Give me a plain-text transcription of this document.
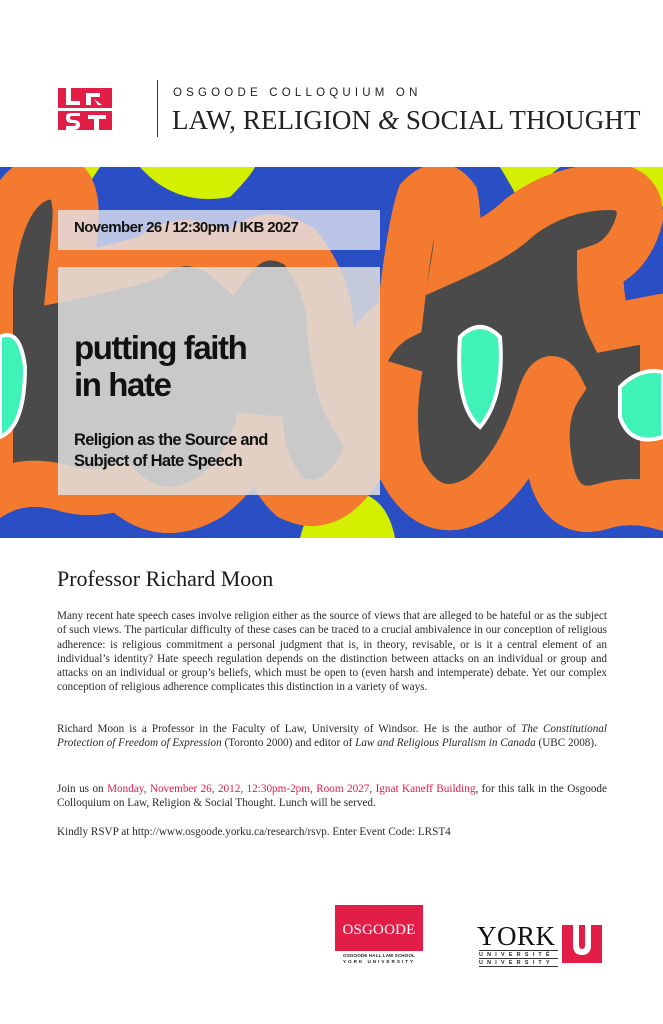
OSGOODE COLLOQUIUM ON
LAW, RELIGION & SOCIAL THOUGHT
November 26 / 12:30pm / IKB 2027
putting faith
in hate
Religion as the Source and
Subject of Hate Speech
Professor Richard Moon
Many recent hate speech cases involve religion either as the source of views that are alleged to be hateful or as the subject of such views. The particular difficulty of these cases can be traced to a crucial ambivalence in our conception of religious adherence: is religious commitment a personal judgment that is, in theory, revisable, or is it a central element of an individual’s identity? Hate speech regulation depends on the distinction between attacks on an individual or group and attacks on an individual or group’s beliefs, which must be open to (even harsh and intemperate) debate. Yet our complex conception of religious adherence complicates this distinction in a variety of ways.
Richard Moon is a Professor in the Faculty of Law, University of Windsor. He is the author of The Constitutional Protection of Freedom of Expression (Toronto 2000) and editor of Law and Religious Pluralism in Canada (UBC 2008).
Join us on Monday, November 26, 2012, 12:30pm-2pm, Room 2027, Ignat Kaneff Building, for this talk in the Osgoode Colloquium on Law, Religion & Social Thought. Lunch will be served.
Kindly RSVP at http://www.osgoode.yorku.ca/research/rsvp. Enter Event Code: LRST4
OSGOODE
OSGOODE HALL LAW SCHOOL
YORK UNIVERSITY
YORK
UNIVERSITÉ
UNIVERSITY
